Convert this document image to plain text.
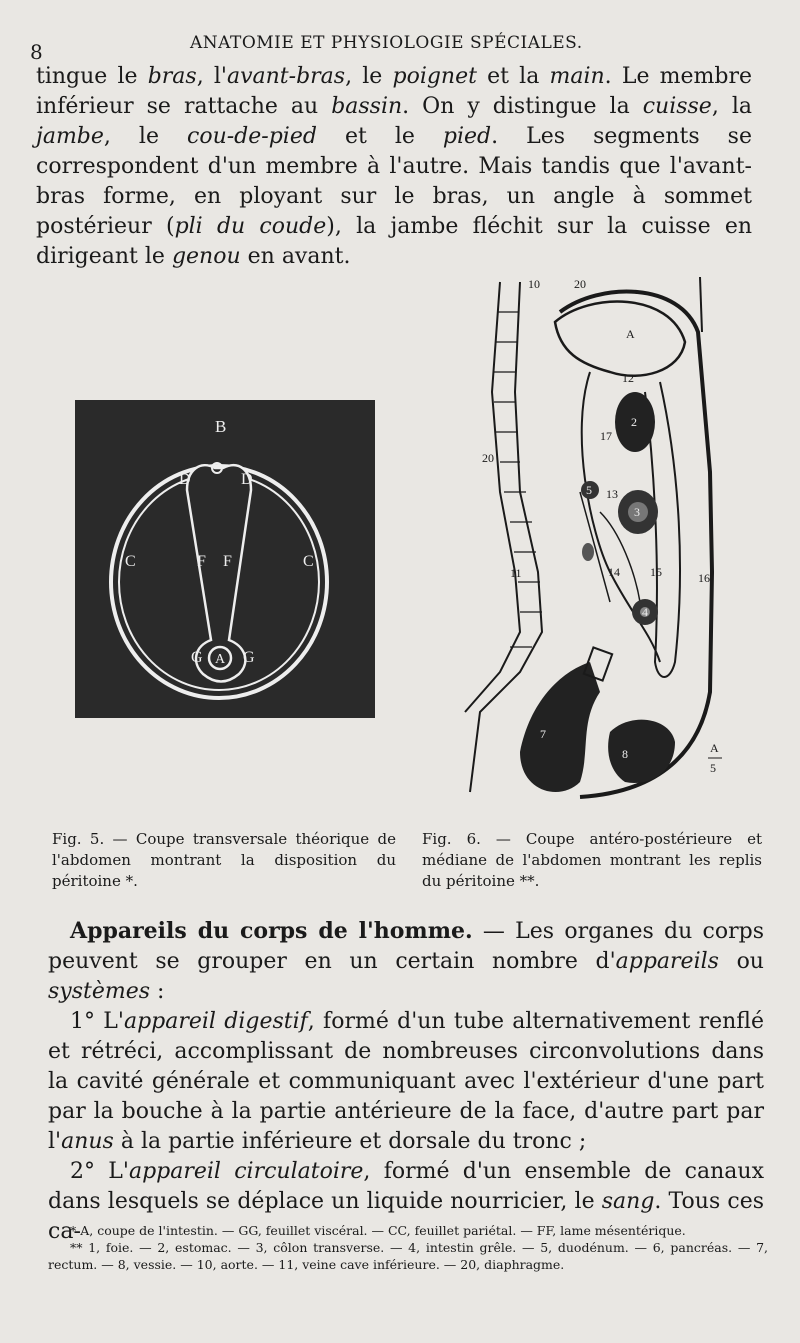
8	ANATOMIE ET PHYSIOLOGIE SPÉCIALES.
tingue le bras, l'avant-bras, le poignet et la main. Le membre inférieur se rattache au bassin. On y distingue la cuisse, la jambe, le cou-de-pied et le pied. Les segments se correspondent d'un membre à l'autre. Mais tandis que l'avant-bras forme, en ployant sur le bras, un angle à sommet postérieur (pli du coude), la jambe fléchit sur la cuisse en dirigeant le genou en avant.
B
D	D
C	C
F F
G	G
A
10	20
A
12
2
17
20
5 13
3
11	14	15	16
4
7
8	A
5
Fig. 5. — Coupe transversale théorique de l'abdomen montrant la disposition du péritoine *.
Fig. 6. — Coupe antéro-postérieure et médiane de l'abdomen montrant les replis du péritoine **.
Appareils du corps de l'homme. — Les organes du corps peuvent se grouper en un certain nombre d'appareils ou systèmes :
1° L'appareil digestif, formé d'un tube alternativement renflé et rétréci, accomplissant de nombreuses circonvolutions dans la cavité générale et communiquant avec l'extérieur d'une part par la bouche à la partie antérieure de la face, d'autre part par l'anus à la partie inférieure et dorsale du tronc ;
2° L'appareil circulatoire, formé d'un ensemble de canaux dans lesquels se déplace un liquide nourricier, le sang. Tous ces ca-
* A, coupe de l'intestin. — GG, feuillet viscéral. — CC, feuillet pariétal. — FF, lame mésentérique.
** 1, foie. — 2, estomac. — 3, côlon transverse. — 4, intestin grêle. — 5, duodénum. — 6, pancréas. — 7, rectum. — 8, vessie. — 10, aorte. — 11, veine cave inférieure. — 20, diaphragme.
